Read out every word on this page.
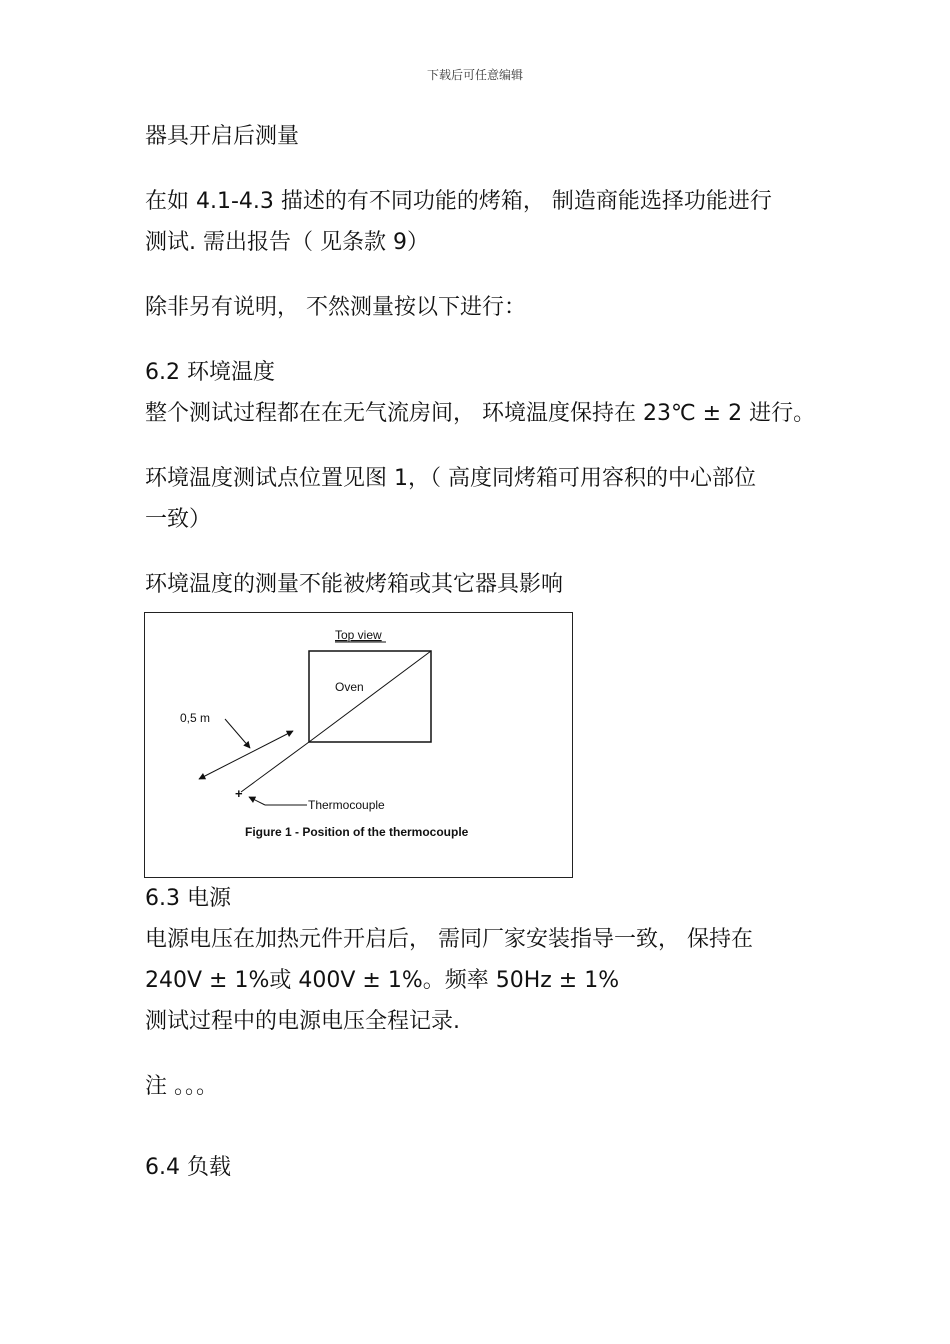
下载后可任意编辑
器具开启后测量
在如 4.1-4.3 描述的有不同功能的烤箱， 制造商能选择功能进行
测试. 需出报告（ 见条款 9）
除非另有说明， 不然测量按以下进行：
6.2 环境温度
整个测试过程都在在无气流房间， 环境温度保持在 23℃ ± 2 进行。
环境温度测试点位置见图 1，（ 高度同烤箱可用容积的中心部位
一致）
环境温度的测量不能被烤箱或其它器具影响
Top view
Oven
0,5 m
+
Thermocouple
Figure 1 - Position of the thermocouple
6.3 电源
电源电压在加热元件开启后， 需同厂家安装指导一致， 保持在
240V ± 1%或 400V ± 1%。频率 50Hz ± 1%
测试过程中的电源电压全程记录.
注 。。。
6.4 负载
